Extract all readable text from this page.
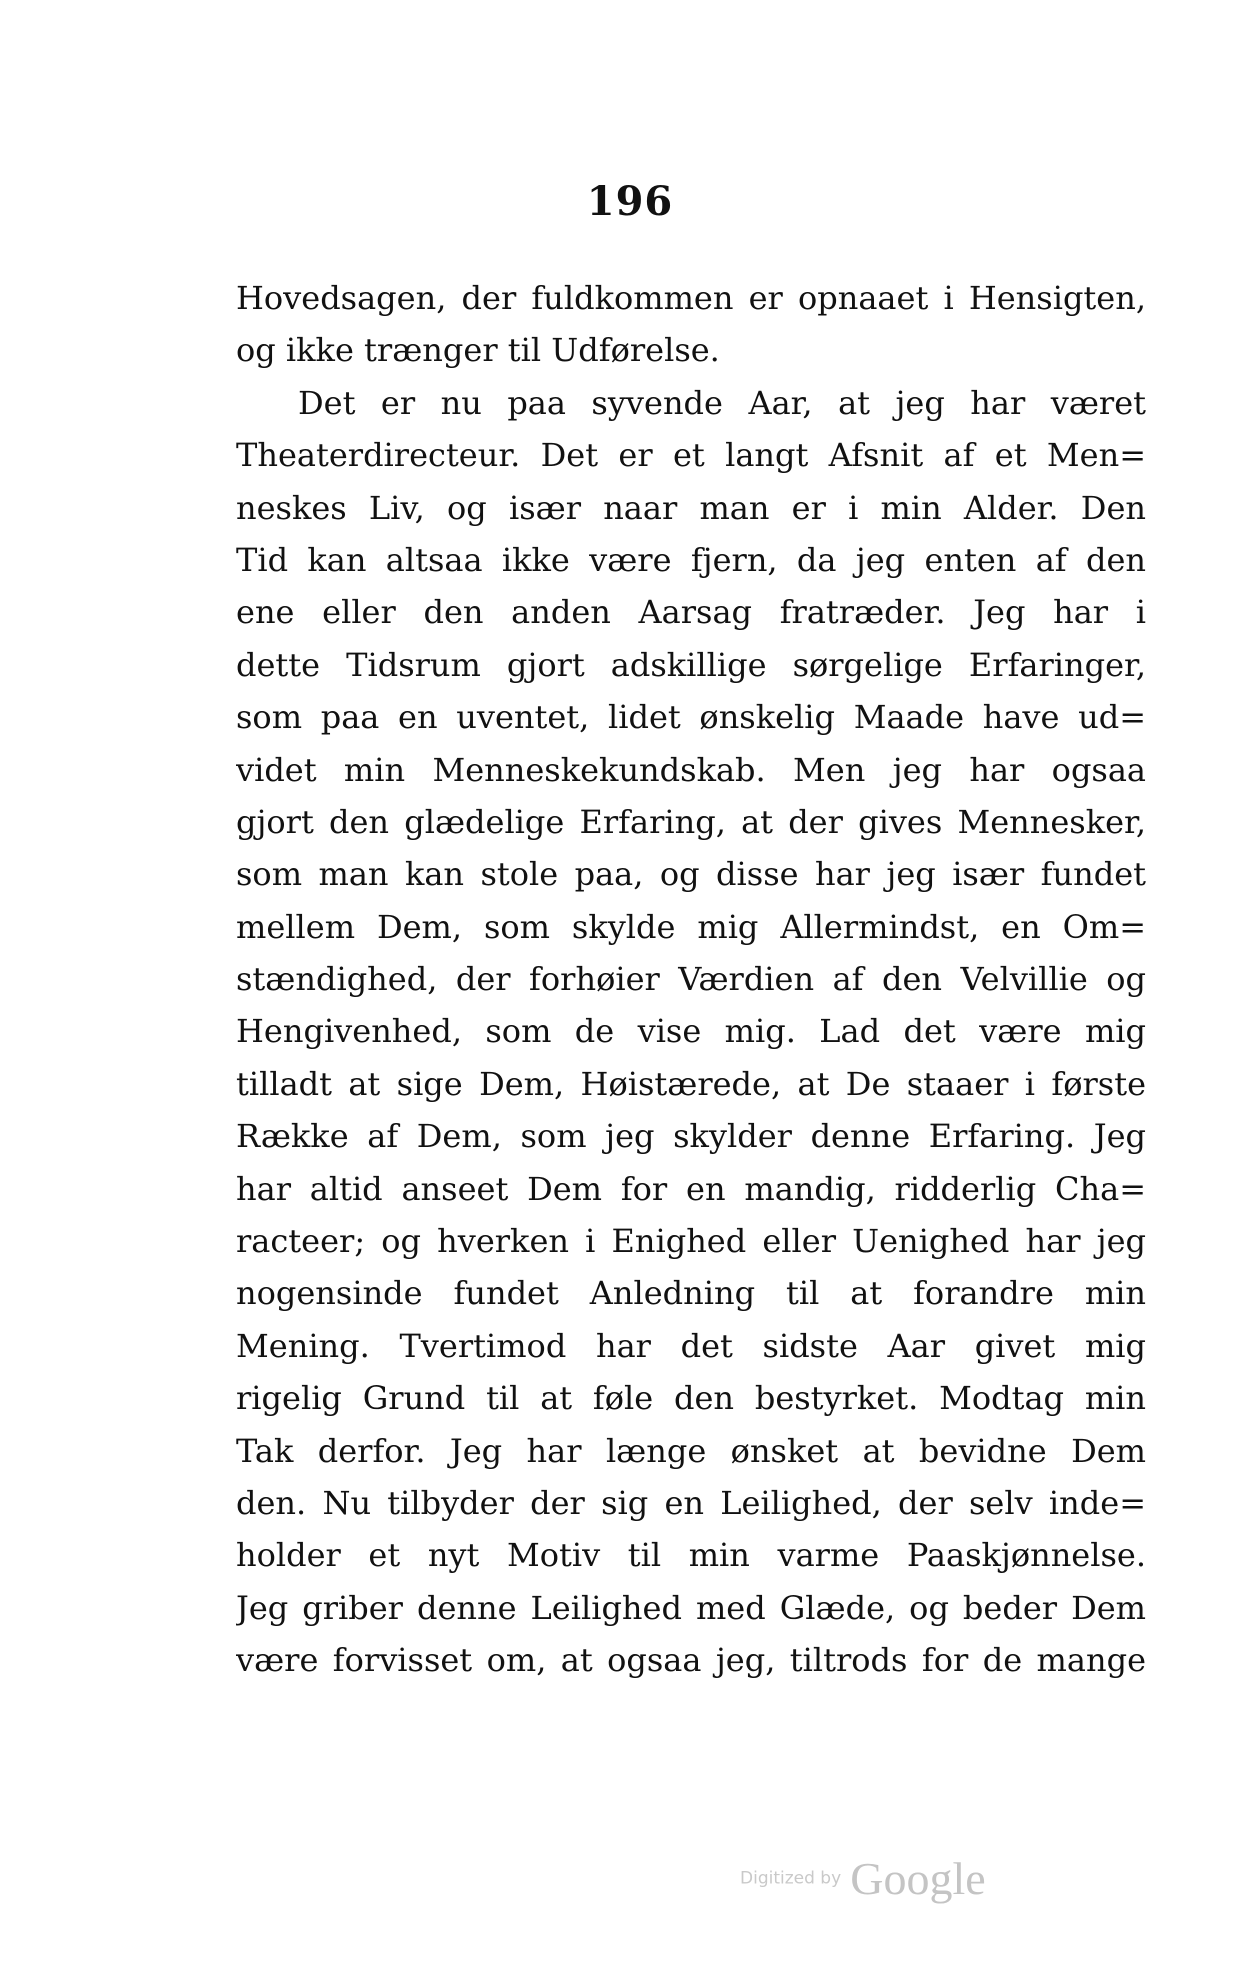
196
Hovedsagen, der fuldkommen er opnaaet i Hensigten,
og ikke trænger til Udførelse.
Det er nu paa syvende Aar, at jeg har været
Theaterdirecteur. Det er et langt Afsnit af et Men=
neskes Liv, og især naar man er i min Alder. Den
Tid kan altsaa ikke være fjern, da jeg enten af den
ene eller den anden Aarsag fratræder. Jeg har i
dette Tidsrum gjort adskillige sørgelige Erfaringer,
som paa en uventet, lidet ønskelig Maade have ud=
videt min Menneskekundskab. Men jeg har ogsaa
gjort den glædelige Erfaring, at der gives Mennesker,
som man kan stole paa, og disse har jeg især fundet
mellem Dem, som skylde mig Allermindst, en Om=
stændighed, der forhøier Værdien af den Velvillie og
Hengivenhed, som de vise mig. Lad det være mig
tilladt at sige Dem, Høistærede, at De staaer i første
Række af Dem, som jeg skylder denne Erfaring. Jeg
har altid anseet Dem for en mandig, ridderlig Cha=
racteer; og hverken i Enighed eller Uenighed har jeg
nogensinde fundet Anledning til at forandre min
Mening. Tvertimod har det sidste Aar givet mig
rigelig Grund til at føle den bestyrket. Modtag min
Tak derfor. Jeg har længe ønsket at bevidne Dem
den. Nu tilbyder der sig en Leilighed, der selv inde=
holder et nyt Motiv til min varme Paaskjønnelse.
Jeg griber denne Leilighed med Glæde, og beder Dem
være forvisset om, at ogsaa jeg, tiltrods for de mange
Digitized by Google
